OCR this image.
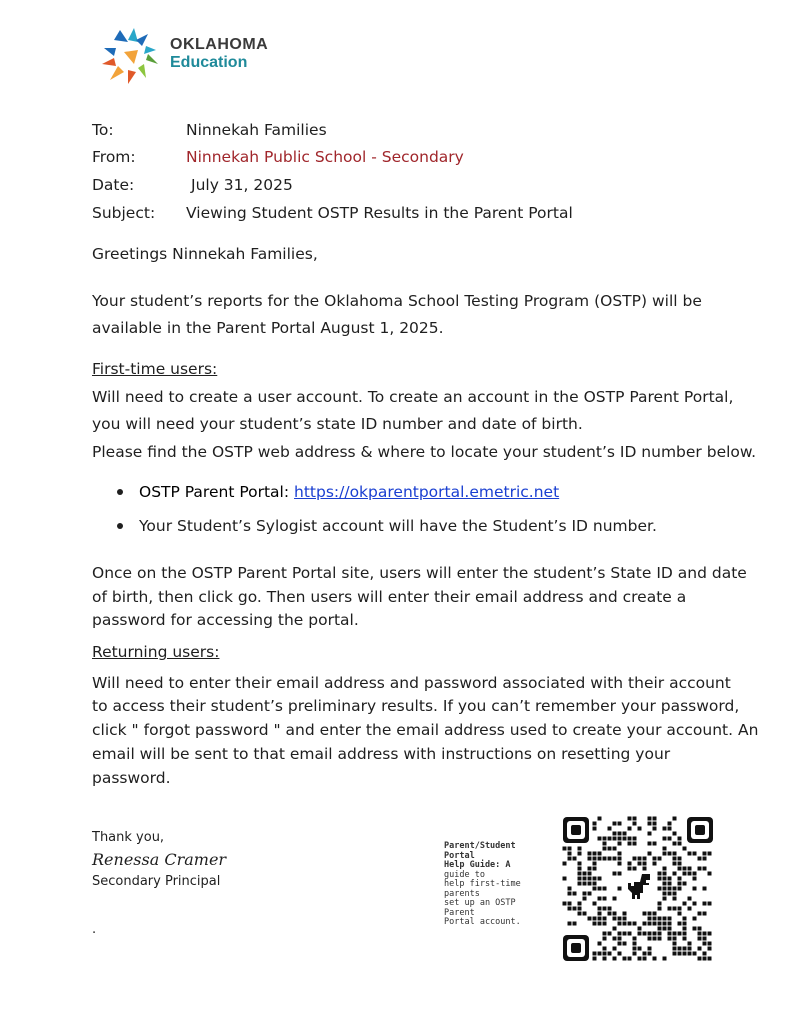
OKLAHOMA
Education
To:	Ninnekah Families
From:	Ninnekah Public School - Secondary
Date:	July 31, 2025
Subject: Viewing Student OSTP Results in the Parent Portal
Greetings Ninnekah Families,
Your student’s reports for the Oklahoma School Testing Program (OSTP) will be
available in the Parent Portal August 1, 2025.
First-time users:
Will need to create a user account. To create an account in the OSTP Parent Portal,
you will need your student’s state ID number and date of birth.
Please find the OSTP web address & where to locate your student’s ID number below.
OSTP Parent Portal: https://okparentportal.emetric.net
Your Student’s Sylogist account will have the Student’s ID number.
Once on the OSTP Parent Portal site, users will enter the student’s State ID and date
of birth, then click go. Then users will enter their email address and create a
password for accessing the portal.
Returning users:
Will need to enter their email address and password associated with their account
to access their student’s preliminary results. If you can’t remember your password,
click " forgot password " and enter the email address used to create your account. An
email will be sent to that email address with instructions on resetting your
password.
Thank you,
Renessa Cramer
Secondary Principal
.
Parent/Student
Portal
Help Guide: A
guide to
help first-time
parents
set up an OSTP
Parent
Portal account.
